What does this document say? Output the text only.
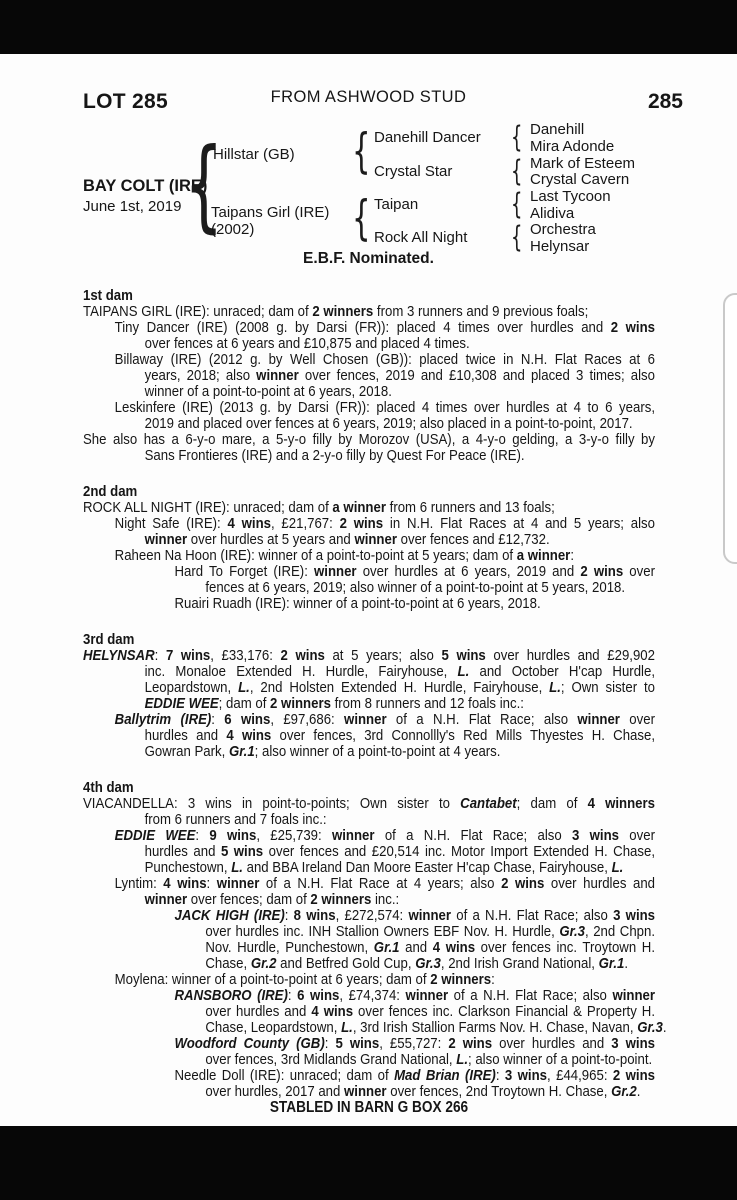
LOT 285	FROM ASHWOOD STUD	285
BAY COLT (IRE)
June 1st, 2019 {
Hillstar (GB)
Taipans Girl (IRE)
(2002)
{
{
Danehill Dancer
Crystal Star
Taipan
Rock All Night
{
{
{
{
Danehill
Mira Adonde
Mark of Esteem
Crystal Cavern
Last Tycoon
Alidiva
Orchestra
Helynsar
E.B.F. Nominated.
1st dam
TAIPANS GIRL (IRE): unraced; dam of 2 winners from 3 runners and 9 previous foals;
Tiny Dancer (IRE) (2008 g. by Darsi (FR)): placed 4 times over hurdles and 2 wins
over fences at 6 years and £10,875 and placed 4 times.
Billaway (IRE) (2012 g. by Well Chosen (GB)): placed twice in N.H. Flat Races at 6
years, 2018; also winner over fences, 2019 and £10,308 and placed 3 times; also
winner of a point-to-point at 6 years, 2018.
Leskinfere (IRE) (2013 g. by Darsi (FR)): placed 4 times over hurdles at 4 to 6 years,
2019 and placed over fences at 6 years, 2019; also placed in a point-to-point, 2017.
She also has a 6-y-o mare, a 5-y-o filly by Morozov (USA), a 4-y-o gelding, a 3-y-o filly by
Sans Frontieres (IRE) and a 2-y-o filly by Quest For Peace (IRE).
2nd dam
ROCK ALL NIGHT (IRE): unraced; dam of a winner from 6 runners and 13 foals;
Night Safe (IRE): 4 wins, £21,767: 2 wins in N.H. Flat Races at 4 and 5 years; also
winner over hurdles at 5 years and winner over fences and £12,732.
Raheen Na Hoon (IRE): winner of a point-to-point at 5 years; dam of a winner:
Hard To Forget (IRE): winner over hurdles at 6 years, 2019 and 2 wins over
fences at 6 years, 2019; also winner of a point-to-point at 5 years, 2018.
Ruairi Ruadh (IRE): winner of a point-to-point at 6 years, 2018.
3rd dam
HELYNSAR: 7 wins, £33,176: 2 wins at 5 years; also 5 wins over hurdles and £29,902
inc. Monaloe Extended H. Hurdle, Fairyhouse, L. and October H'cap Hurdle,
Leopardstown, L., 2nd Holsten Extended H. Hurdle, Fairyhouse, L.; Own sister to
EDDIE WEE; dam of 2 winners from 8 runners and 12 foals inc.:
Ballytrim (IRE): 6 wins, £97,686: winner of a N.H. Flat Race; also winner over
hurdles and 4 wins over fences, 3rd Connollly's Red Mills Thyestes H. Chase,
Gowran Park, Gr.1; also winner of a point-to-point at 4 years.
4th dam
VIACANDELLA: 3 wins in point-to-points; Own sister to Cantabet; dam of 4 winners
from 6 runners and 7 foals inc.:
EDDIE WEE: 9 wins, £25,739: winner of a N.H. Flat Race; also 3 wins over
hurdles and 5 wins over fences and £20,514 inc. Motor Import Extended H. Chase,
Punchestown, L. and BBA Ireland Dan Moore Easter H'cap Chase, Fairyhouse, L.
Lyntim: 4 wins: winner of a N.H. Flat Race at 4 years; also 2 wins over hurdles and
winner over fences; dam of 2 winners inc.:
JACK HIGH (IRE): 8 wins, £272,574: winner of a N.H. Flat Race; also 3 wins
over hurdles inc. INH Stallion Owners EBF Nov. H. Hurdle, Gr.3, 2nd Chpn.
Nov. Hurdle, Punchestown, Gr.1 and 4 wins over fences inc. Troytown H.
Chase, Gr.2 and Betfred Gold Cup, Gr.3, 2nd Irish Grand National, Gr.1.
Moylena: winner of a point-to-point at 6 years; dam of 2 winners:
RANSBORO (IRE): 6 wins, £74,374: winner of a N.H. Flat Race; also winner
over hurdles and 4 wins over fences inc. Clarkson Financial & Property H.
Chase, Leopardstown, L., 3rd Irish Stallion Farms Nov. H. Chase, Navan, Gr.3.
Woodford County (GB): 5 wins, £55,727: 2 wins over hurdles and 3 wins
over fences, 3rd Midlands Grand National, L.; also winner of a point-to-point.
Needle Doll (IRE): unraced; dam of Mad Brian (IRE): 3 wins, £44,965: 2 wins
over hurdles, 2017 and winner over fences, 2nd Troytown H. Chase, Gr.2.
STABLED IN BARN G BOX 266
